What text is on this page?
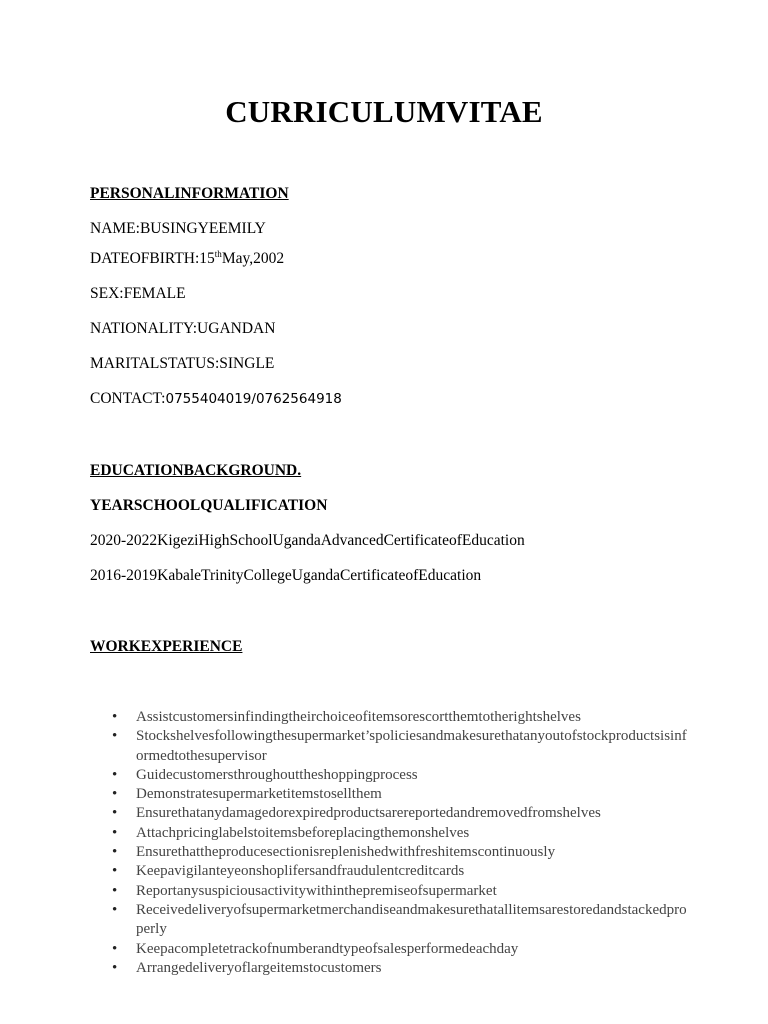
CURRICULUMVITAE
PERSONALINFORMATION
NAME:BUSINGYEEMILY
DATEOFBIRTH:15thMay,2002
SEX:FEMALE
NATIONALITY:UGANDAN
MARITALSTATUS:SINGLE
CONTACT:0755404019/0762564918
EDUCATIONBACKGROUND.
YEARSCHOOLQUALIFICATION
2020-2022KigeziHighSchoolUgandaAdvancedCertificateofEducation
2016-2019KabaleTrinityCollegeUgandaCertificateofEducation
WORKEXPERIENCE
• Assistcustomersinfindingtheirchoiceofitemsorescortthemtotherightshelves
• Stockshelvesfollowingthesupermarket’spoliciesandmakesurethatanyoutofstockproductsisinformedtothesupervisor
• Guidecustomersthroughouttheshoppingprocess
• Demonstratesupermarketitemstosellthem
• Ensurethatanydamagedorexpiredproductsarereportedandremovedfromshelves
• Attachpricinglabelstoitemsbeforeplacingthemonshelves
• Ensurethattheproducesectionisreplenishedwithfreshitemscontinuously
• Keepavigilanteyeonshoplifersandfraudulentcreditcards
• Reportanysuspiciousactivitywithinthepremiseofsupermarket
• Receivedeliveryofsupermarketmerchandiseandmakesurethatallitemsarestoredandstackedproperly
• Keepacompletetrackofnumberandtypeofsalesperformedeachday
• Arrangedeliveryoflargeitemstocustomers
